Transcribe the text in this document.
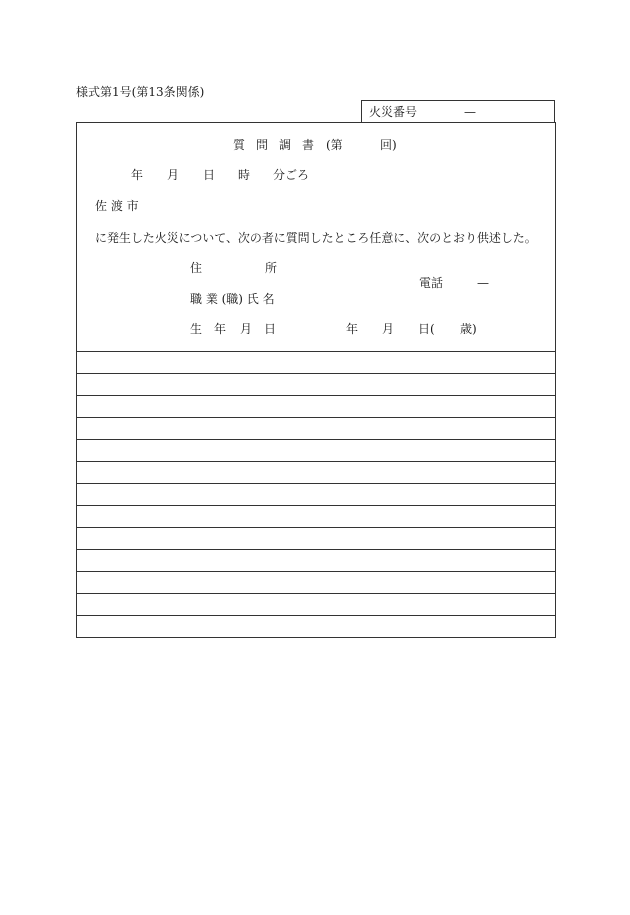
様式第1号(第13条関係)
火災番号	—
質 問 調 書 (第	回)
年 月 日 時 分ごろ
佐 渡 市
に発生した火災について、次の者に質問したところ任意に、次のとおり供述した。
住	所
電話	—
職 業 (職) 氏 名
生 年 月 日	年 月 日( 歳)
